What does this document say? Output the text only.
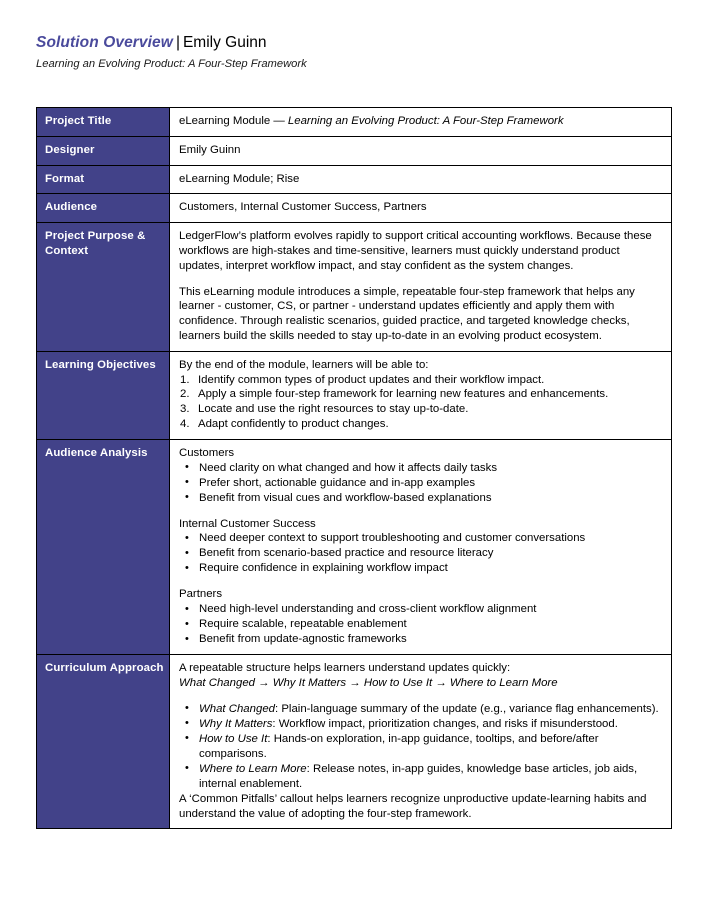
Solution Overview | Emily Guinn
Learning an Evolving Product: A Four-Step Framework
Project Title	eLearning Module — Learning an Evolving Product: A Four-Step Framework
Designer	Emily Guinn
Format	eLearning Module; Rise
Audience	Customers, Internal Customer Success, Partners
Project Purpose & Context	LedgerFlow’s platform evolves rapidly to support critical accounting workflows. Because these workflows are high-stakes and time-sensitive, learners must quickly understand product updates, interpret workflow impact, and stay confident as the system changes.

This eLearning module introduces a simple, repeatable four-step framework that helps any learner - customer, CS, or partner - understand updates efficiently and apply them with confidence. Through realistic scenarios, guided practice, and targeted knowledge checks, learners build the skills needed to stay up-to-date in an evolving product ecosystem.

Learning Objectives	By the end of the module, learners will be able to:

1. Identify common types of product updates and their workflow impact.
2. Apply a simple four-step framework for learning new features and enhancements.
3. Locate and use the right resources to stay up-to-date.
4. Adapt confidently to product changes.

Audience Analysis	Customers

• Need clarity on what changed and how it affects daily tasks
• Prefer short, actionable guidance and in-app examples
• Benefit from visual cues and workflow-based explanations

Internal Customer Success

• Need deeper context to support troubleshooting and customer conversations
• Benefit from scenario-based practice and resource literacy
• Require confidence in explaining workflow impact

Partners

• Need high-level understanding and cross-client workflow alignment
• Require scalable, repeatable enablement
• Benefit from update-agnostic frameworks

Curriculum Approach	A repeatable structure helps learners understand updates quickly:

What Changed → Why It Matters → How to Use It → Where to Learn More

• What Changed: Plain-language summary of the update (e.g., variance flag enhancements).
• Why It Matters: Workflow impact, prioritization changes, and risks if misunderstood.
• How to Use It: Hands-on exploration, in-app guidance, tooltips, and before/after comparisons.
• Where to Learn More: Release notes, in-app guides, knowledge base articles, job aids, internal enablement.

A ‘Common Pitfalls’ callout helps learners recognize unproductive update-learning habits and understand the value of adopting the four-step framework.
